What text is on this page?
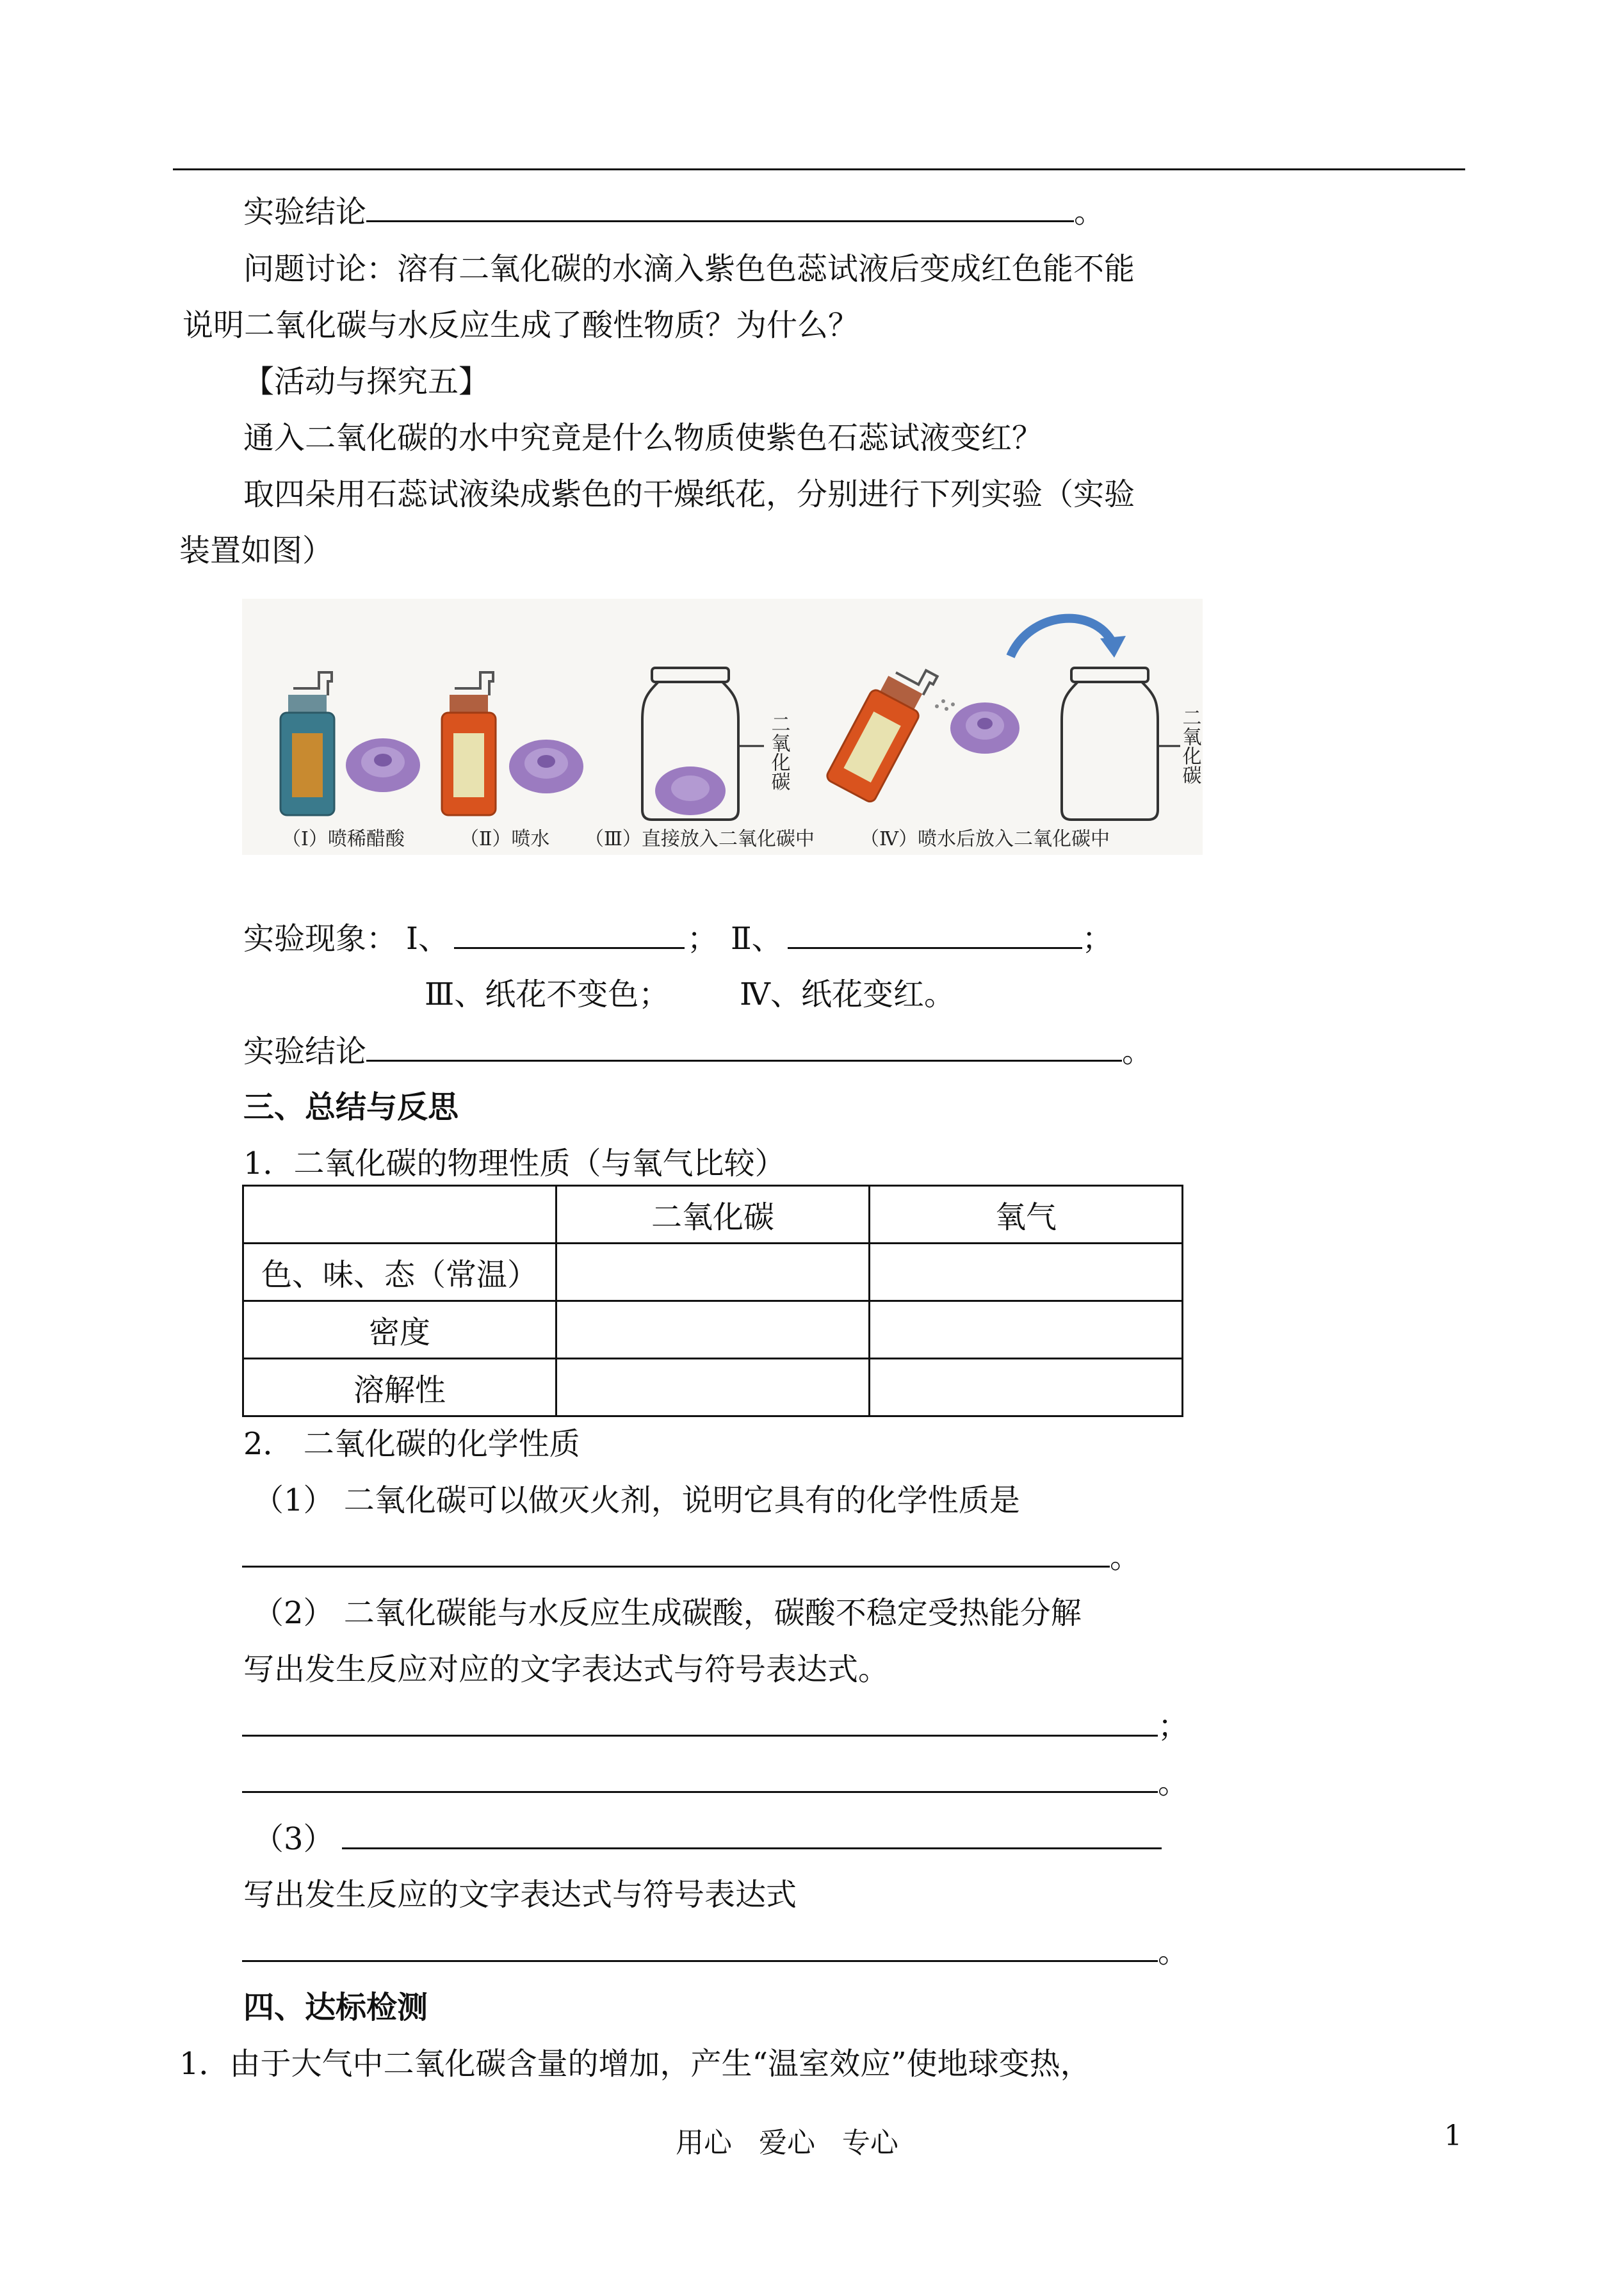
实验结论	。
问题讨论：溶有二氧化碳的水滴入紫色色蕊试液后变成红色能不能
说明二氧化碳与水反应生成了酸性物质？为什么？
【活动与探究五】
通入二氧化碳的水中究竟是什么物质使紫色石蕊试液变红？
取四朵用石蕊试液染成紫色的干燥纸花，分别进行下列实验（实验
装置如图）
二氧化碳	二氧化碳
（Ⅰ）喷稀醋酸	（Ⅱ）喷水 （Ⅲ）直接放入二氧化碳中 （Ⅳ）喷水后放入二氧化碳中
实验现象： Ⅰ、	； Ⅱ、	；
Ⅲ、纸花不变色； Ⅳ、纸花变红。
实验结论	。
三、总结与反思
1．二氧化碳的物理性质（与氧气比较）
	二氧化碳	氧气
色、味、态（常温）		
密度		
溶解性		
2． 二氧化碳的化学性质
（1） 二氧化碳可以做灭火剂，说明它具有的化学性质是
。
（2） 二氧化碳能与水反应生成碳酸，碳酸不稳定受热能分解
写出发生反应对应的文字表达式与符号表达式。
；
。
（3）
写出发生反应的文字表达式与符号表达式
。
四、达标检测
1．由于大气中二氧化碳含量的增加，产生“温室效应”使地球变热，
用心   爱心   专心	1
